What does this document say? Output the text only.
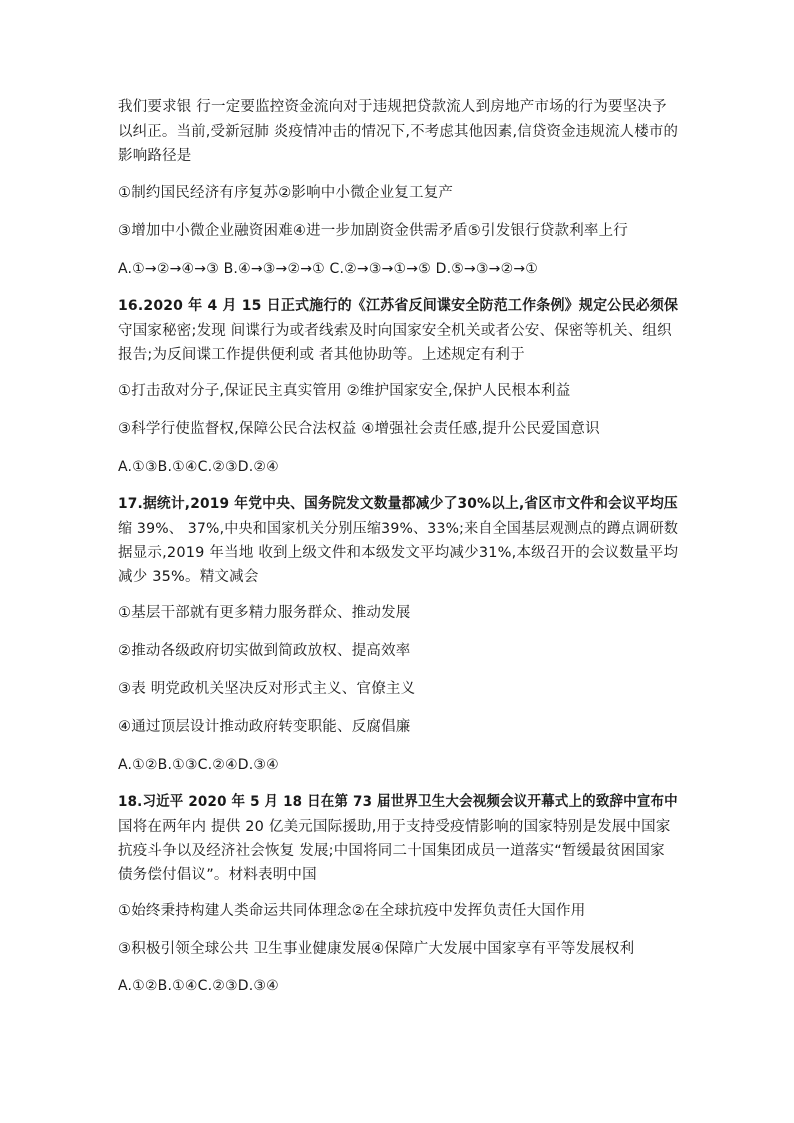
我们要求银 行一定要监控资金流向对于违规把贷款流人到房地产市场的行为要坚决予
以纠正。当前,受新冠肺 炎疫情冲击的情况下,不考虑其他因素,信贷资金违规流人楼市的
影响路径是
①制约国民经济有序复苏②影响中小微企业复工复产
③增加中小微企业融资困难④进一步加剧资金供需矛盾⑤引发银行贷款利率上行
A.①→②→④→③ B.④→③→②→① C.②→③→①→⑤ D.⑤→③→②→①
16.2020 年 4 月 15 日正式施行的《江苏省反间谍安全防范工作条例》规定公民必须保
守国家秘密;发现 间谍行为或者线索及时向国家安全机关或者公安、保密等机关、组织
报告;为反间谍工作提供便利或 者其他协助等。上述规定有利于
①打击敌对分子,保证民主真实管用 ②维护国家安全,保护人民根本利益
③科学行使监督权,保障公民合法权益 ④增强社会责任感,提升公民爱国意识
A.①③B.①④C.②③D.②④
17.据统计,2019 年党中央、国务院发文数量都减少了30%以上,省区市文件和会议平均压
缩 39%、 37%,中央和国家机关分别压缩39%、33%;来自全国基层观测点的蹲点调研数
据显示,2019 年当地 收到上级文件和本级发文平均减少31%,本级召开的会议数量平均
减少 35%。精文减会
①基层干部就有更多精力服务群众、推动发展
②推动各级政府切实做到简政放权、提高效率
③表 明党政机关坚决反对形式主义、官僚主义
④通过顶层设计推动政府转变职能、反腐倡廉
A.①②B.①③C.②④D.③④
18.习近平 2020 年 5 月 18 日在第 73 届世界卫生大会视频会议开幕式上的致辞中宣布中
国将在两年内 提供 20 亿美元国际援助,用于支持受疫情影响的国家特别是发展中国家
抗疫斗争以及经济社会恢复 发展;中国将同二十国集团成员一道落实“暂缓最贫困国家
债务偿付倡议”。材料表明中国
①始终秉持构建人类命运共同体理念②在全球抗疫中发挥负责任大国作用
③积极引领全球公共 卫生事业健康发展④保障广大发展中国家享有平等发展权利
A.①②B.①④C.②③D.③④
